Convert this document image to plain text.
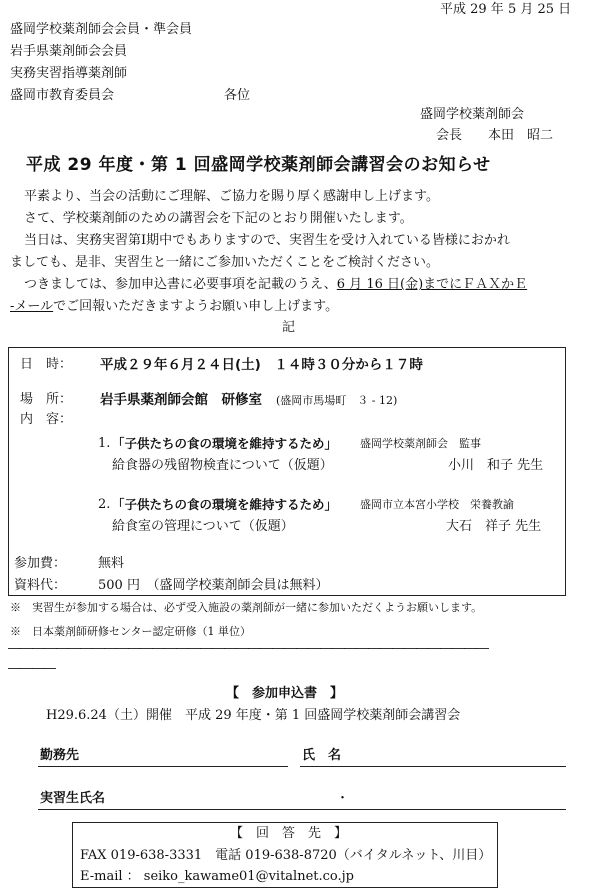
平成 29 年 5 月 25 日
盛岡学校薬剤師会会員・準会員
岩手県薬剤師会会員
実務実習指導薬剤師
盛岡市教育委員会	各位
盛岡学校薬剤師会
会長 本田　昭二
平成 29 年度・第 1 回盛岡学校薬剤師会講習会のお知らせ
平素より、当会の活動にご理解、ご協力を賜り厚く感謝申し上げます。
さて、学校薬剤師のための講習会を下記のとおり開催いたします。
当日は、実務実習第Ⅰ期中でもありますので、実習生を受け入れている皆様におかれ
ましても、是非、実習生と一緒にご参加いただくことをご検討ください。
つきましては、参加申込書に必要事項を記載のうえ、6 月 16 日(金)までにＦＡＸかＥ
-メールでご回報いただきますようお願い申し上げます。
記
日　時： 平成２９年６月２４日(土)　１４時３０分から１７時
場　所： 岩手県薬剤師会館　研修室 (盛岡市馬場町　３ - 12)
内　容：
1. 「子供たちの食の環境を維持するため」 盛岡学校薬剤師会　監事
給食器の残留物検査について（仮題）	小川　和子 先生
2. 「子供たちの食の環境を維持するため」 盛岡市立本宮小学校　栄養教諭
給食室の管理について（仮題）	大石　祥子 先生
参加費： 無料
資料代： 500 円　（盛岡学校薬剤師会員は無料）
※　実習生が参加する場合は、必ず受入施設の薬剤師が一緒に参加いただくようお願いします。
※　日本薬剤師研修センター認定研修（1 単位）
――――――――――――――――――――――――――――――――――――――――
――――
【　参加申込書　】
H29.6.24（土）開催　平成 29 年度・第 1 回盛岡学校薬剤師会講習会
勤務先	氏　名
実習生氏名	・
【　回　答　先　】
FAX 019-638-3331　電話 019-638-8720（バイタルネット、川目）
E-mail ： seiko_kawame01@vitalnet.co.jp
